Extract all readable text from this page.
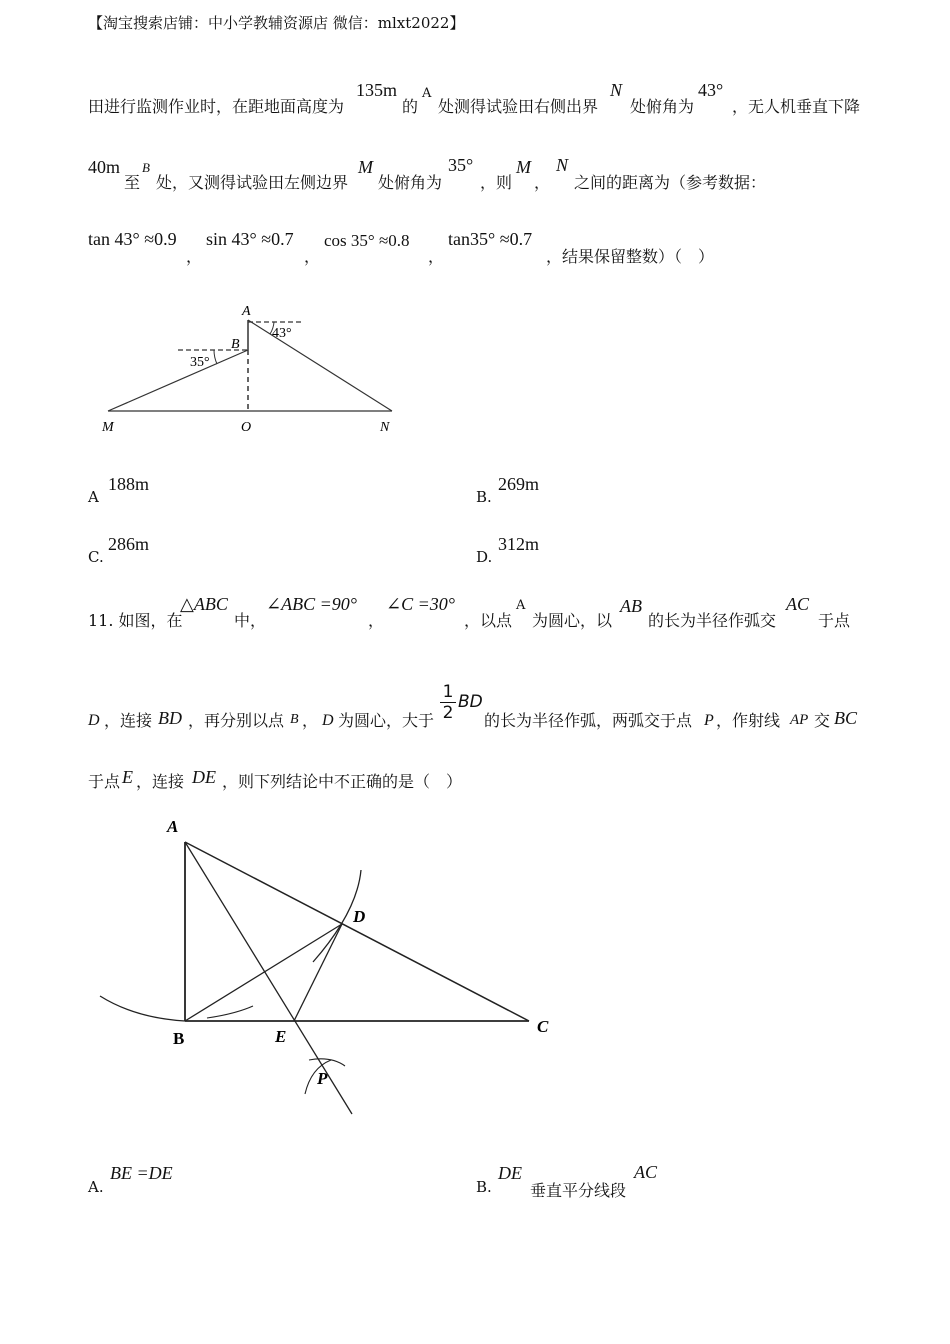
【淘宝搜索店铺：中小学教辅资源店 微信：mlxt2022】
田进行监测作业时，在距地面高度为
135m
的
A
处测得试验田右侧出界
N
处俯角为
43°
，无人机垂直下降
40m
至
B
处，又测得试验田左侧边界
M
处俯角为
35°
，则
M
，
N
之间的距离为（参考数据：
tan 43° ≈0.9
，
sin 43° ≈0.7
，
cos 35° ≈0.8
，
tan35° ≈0.7
，结果保留整数）（　）
A
B
35°
43°
M	O	N
A
188m
B.
269m
C.
286m
D.
312m
11. 如图，在
△ABC
中，
∠ABC =90°
，
∠C =30°
，以点
A
为圆心，以
AB
的长为半径作弧交
AC
于点
D ，连接 BD ，再分别以点 B ， D 为圆心，大于 $\frac{1}{2}$ BD
的长为半径作弧，两弧交于点 P ，作射线 AP 交 BC
于点 E ，连接 DE ，则下列结论中不正确的是（　）
A
B
C
D
E
P
A.
BE =DE
B.
DE
垂直平分线段
AC
